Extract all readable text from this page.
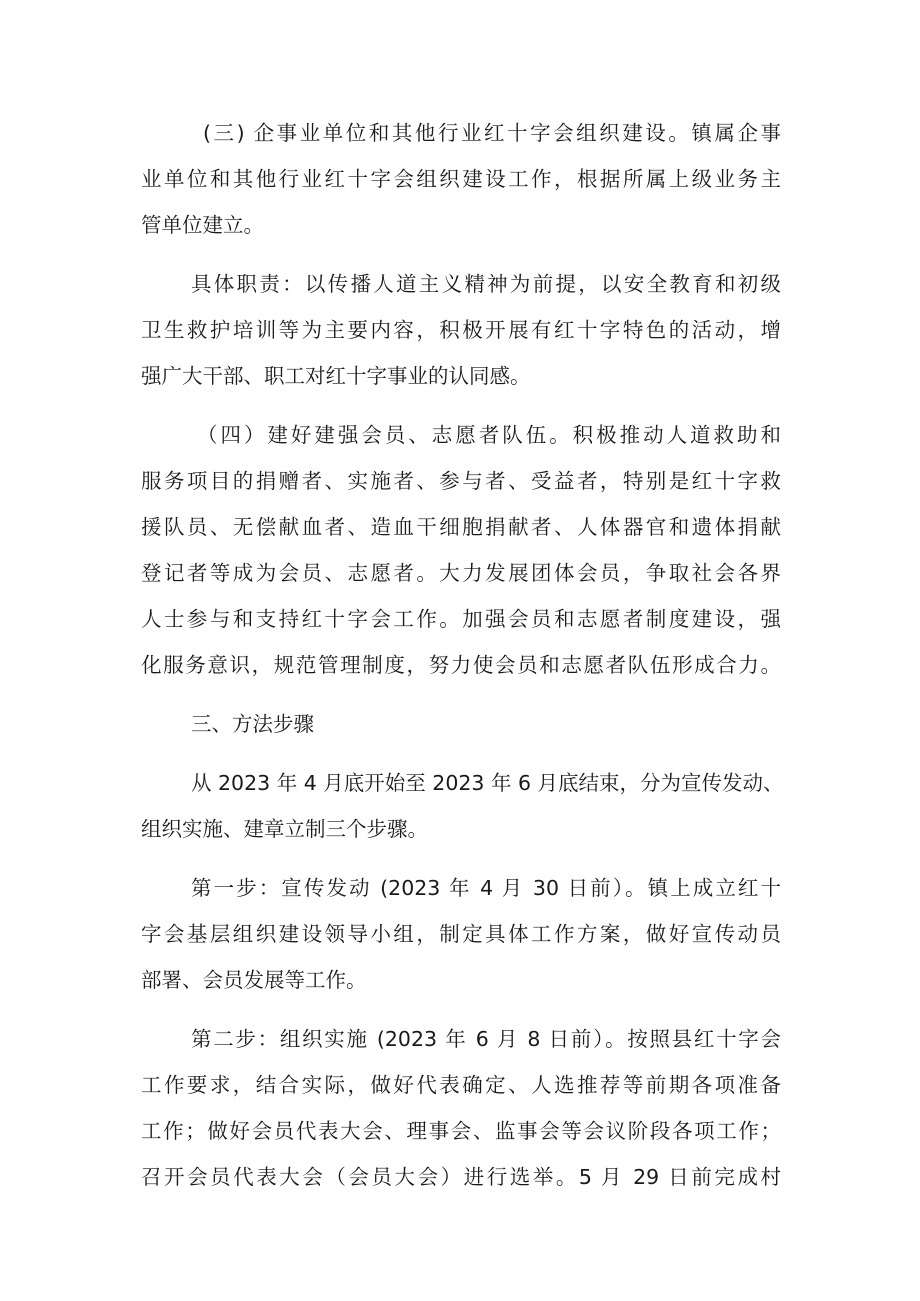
(三) 企事业单位和其他行业红十字会组织建设。镇属企事
业单位和其他行业红十字会组织建设工作，根据所属上级业务主
管单位建立。
具体职责：以传播人道主义精神为前提，以安全教育和初级
卫生救护培训等为主要内容，积极开展有红十字特色的活动，增
强广大干部、职工对红十字事业的认同感。
（四）建好建强会员、志愿者队伍。积极推动人道救助和
服务项目的捐赠者、实施者、参与者、受益者，特别是红十字救
援队员、无偿献血者、造血干细胞捐献者、人体器官和遗体捐献
登记者等成为会员、志愿者。大力发展团体会员，争取社会各界
人士参与和支持红十字会工作。加强会员和志愿者制度建设，强
化服务意识，规范管理制度，努力使会员和志愿者队伍形成合力。
三、方法步骤
从 2023 年 4 月底开始至 2023 年 6 月底结束，分为宣传发动、
组织实施、建章立制三个步骤。
第一步：宣传发动 (2023 年 4 月 30 日前）。镇上成立红十
字会基层组织建设领导小组，制定具体工作方案，做好宣传动员
部署、会员发展等工作。
第二步：组织实施 (2023 年 6 月 8 日前）。按照县红十字会
工作要求，结合实际，做好代表确定、人选推荐等前期各项准备
工作；做好会员代表大会、理事会、监事会等会议阶段各项工作；
召开会员代表大会（会员大会）进行选举。5 月 29 日前完成村
